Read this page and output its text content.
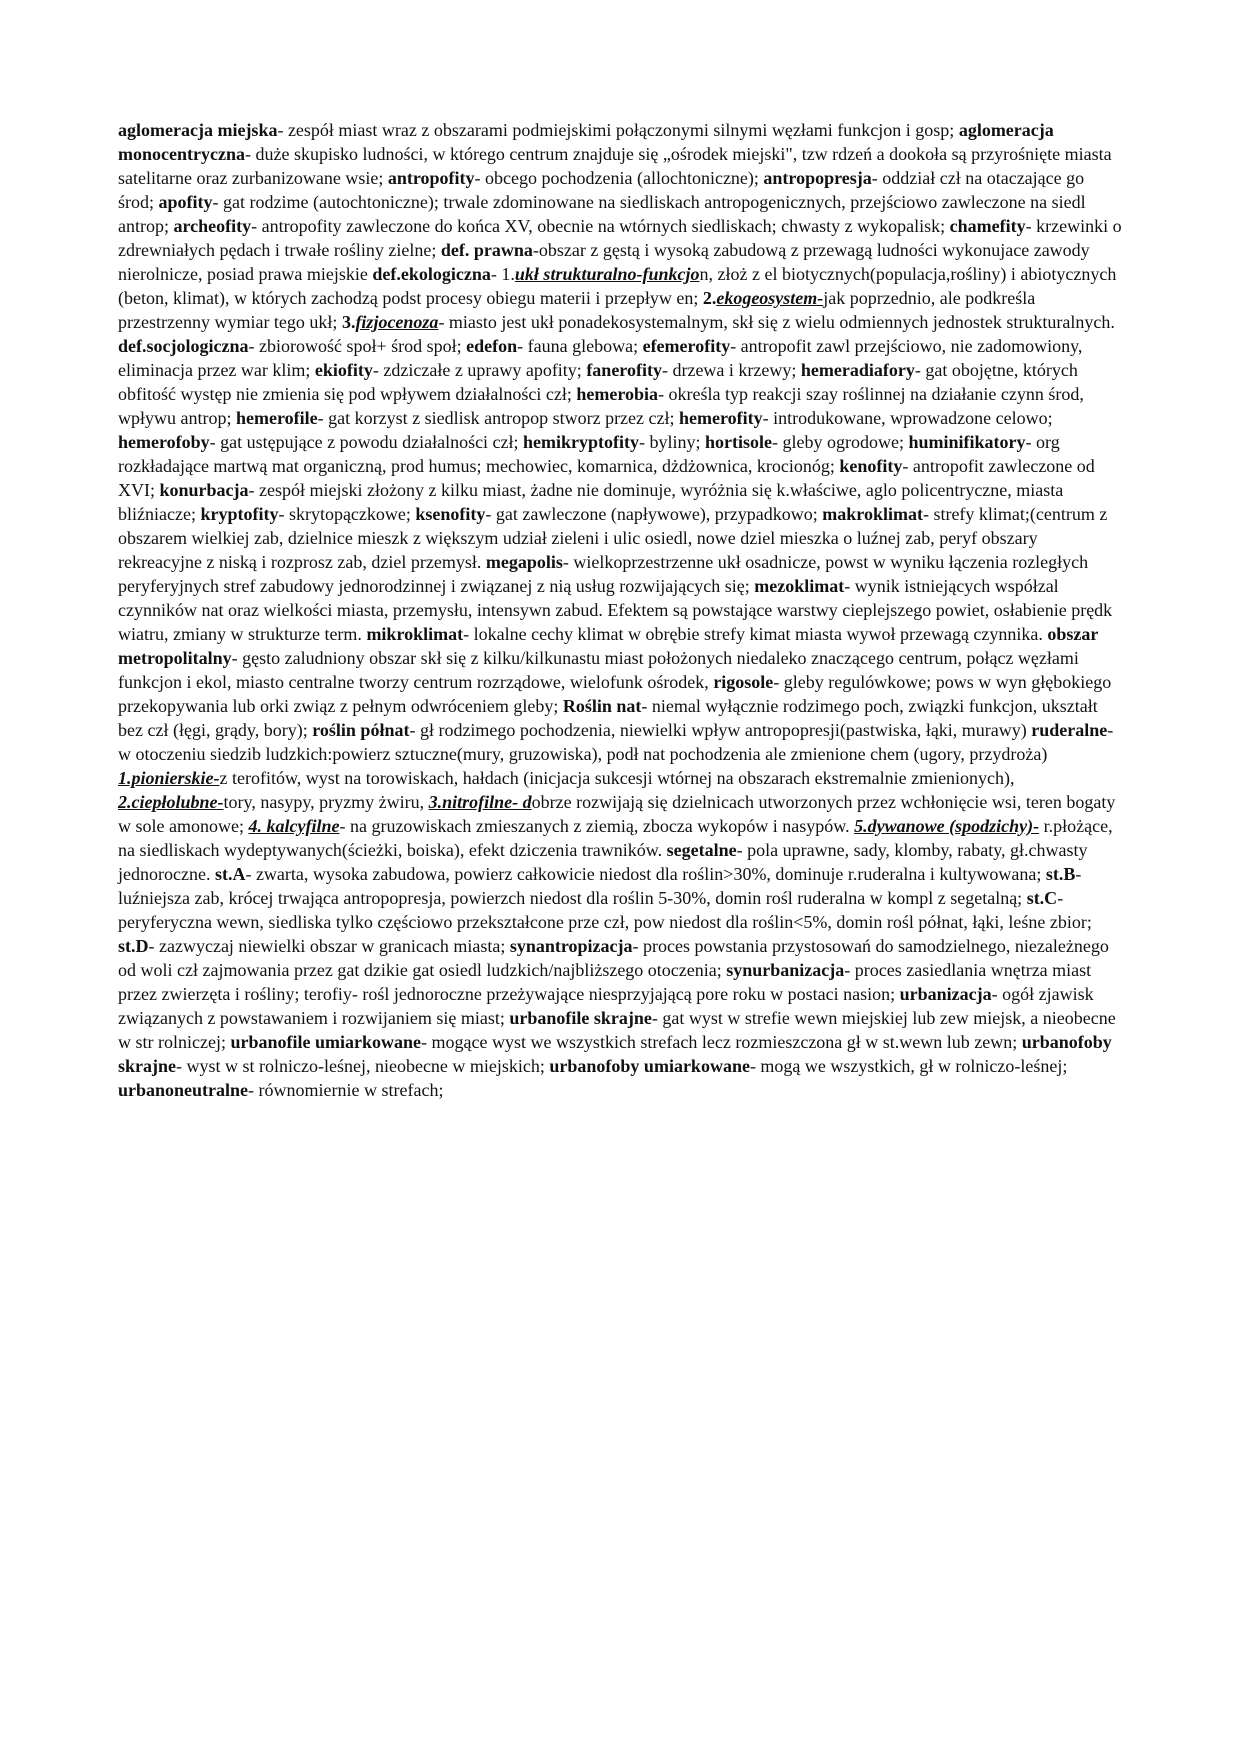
aglomeracja miejska- zespół miast wraz z obszarami podmiejskimi połączonymi silnymi węzłami funkcjon i gosp; aglomeracja monocentryczna- duże skupisko ludności, w którego centrum znajduje się „ośrodek miejski", tzw rdzeń a dookoła są przyrośnięte miasta satelitarne oraz zurbanizowane wsie; antropofity- obcego pochodzenia (allochtoniczne); antropopresja- oddział czł na otaczające go środ; apofity- gat rodzime (autochtoniczne); trwale zdominowane na siedliskach antropogenicznych, przejściowo zawleczone na siedl antrop; archeofity- antropofity zawleczone do końca XV, obecnie na wtórnych siedliskach; chwasty z wykopalisk; chamefity- krzewinki o zdrewniałych pędach i trwałe rośliny zielne; def. prawna-obszar z gęstą i wysoką zabudową z przewagą ludności wykonujace zawody nierolnicze, posiad prawa miejskie def.ekologiczna- 1.ukł strukturalno-funkcjon, złoż z el biotycznych(populacja,rośliny) i abiotycznych (beton, klimat), w których zachodzą podst procesy obiegu materii i przepływ en; 2.ekogeosystem-jak poprzednio, ale podkreśla przestrzenny wymiar tego ukł; 3.fizjocenoza- miasto jest ukł ponadekosystemalnym, skł się z wielu odmiennych jednostek strukturalnych. def.socjologiczna- zbiorowość społ+ środ społ; edefon- fauna glebowa; efemerofity- antropofit zawl przejściowo, nie zadomowiony, eliminacja przez war klim; ekiofity- zdziczałe z uprawy apofity; fanerofity- drzewa i krzewy; hemeradiafory- gat obojętne, których obfitość występ nie zmienia się pod wpływem działalności czł; hemerobia- określa typ reakcji szay roślinnej na działanie czynn środ, wpływu antrop; hemerofile- gat korzyst z siedlisk antropop stworz przez czł; hemerofity- introdukowane, wprowadzone celowo; hemerofoby- gat ustępujące z powodu działalności czł; hemikryptofity- byliny; hortisole- gleby ogrodowe; huminifikatory- org rozkładające martwą mat organiczną, prod humus; mechowiec, komarnica, dżdżownica, krocionóg; kenofity- antropofit zawleczone od XVI; konurbacja- zespół miejski złożony z kilku miast, żadne nie dominuje, wyróżnia się k.właściwe, aglo policentryczne, miasta bliźniacze; kryptofity- skrytopączkowe; ksenofity- gat zawleczone (napływowe), przypadkowo; makroklimat- strefy klimat;(centrum z obszarem wielkiej zab, dzielnice mieszk z większym udział zieleni i ulic osiedl, nowe dziel mieszka o luźnej zab, peryf obszary rekreacyjne z niską i rozprosz zab, dziel przemysł. megapolis- wielkoprzestrzenne ukł osadnicze, powst w wyniku łączenia rozległych peryferyjnych stref zabudowy jednorodzinnej i związanej z nią usług rozwijających się; mezoklimat- wynik istniejących współzal czynników nat oraz wielkości miasta, przemysłu, intensywn zabud. Efektem są powstające warstwy cieplejszego powiet, osłabienie prędk wiatru, zmiany w strukturze term. mikroklimat- lokalne cechy klimat w obrębie strefy kimat miasta wywoł przewagą czynnika. obszar metropolitalny- gęsto zaludniony obszar skł się z kilku/kilkunastu miast położonych niedaleko znaczącego centrum, połącz węzłami funkcjon i ekol, miasto centralne tworzy centrum rozrządowe, wielofunk ośrodek, rigosole- gleby regulówkowe; pows w wyn głębokiego przekopywania lub orki związ z pełnym odwróceniem gleby; Roślin nat- niemal wyłącznie rodzimego poch, związki funkcjon, ukształt bez czł (łęgi, grądy, bory); roślin półnat- gł rodzimego pochodzenia, niewielki wpływ antropopresji(pastwiska, łąki, murawy) ruderalne- w otoczeniu siedzib ludzkich:powierz sztuczne(mury, gruzowiska), podł nat pochodzenia ale zmienione chem (ugory, przydroża) 1.pionierskie-z terofitów, wyst na torowiskach, hałdach (inicjacja sukcesji wtórnej na obszarach ekstremalnie zmienionych), 2.ciepłolubne-tory, nasypy, pryzmy żwiru, 3.nitrofilne- dobrze rozwijają się dzielnicach utworzonych przez wchłonięcie wsi, teren bogaty w sole amonowe; 4. kalcyfilne- na gruzowiskach zmieszanych z ziemią, zbocza wykopów i nasypów. 5.dywanowe (spodzichy)- r.płożące, na siedliskach wydeptywanych(ścieżki, boiska), efekt dziczenia trawników. segetalne- pola uprawne, sady, klomby, rabaty, gł.chwasty jednoroczne. st.A- zwarta, wysoka zabudowa, powierz całkowicie niedost dla roślin>30%, dominuje r.ruderalna i kultywowana; st.B- luźniejsza zab, krócej trwająca antropopresja, powierzch niedost dla roślin 5-30%, domin rośl ruderalna w kompl z segetalną; st.C- peryferyczna wewn, siedliska tylko częściowo przekształcone prze czł, pow niedost dla roślin<5%, domin rośl półnat, łąki, leśne zbior; st.D- zazwyczaj niewielki obszar w granicach miasta; synantropizacja- proces powstania przystosowań do samodzielnego, niezależnego od woli czł zajmowania przez gat dzikie gat osiedl ludzkich/najbliższego otoczenia; synurbanizacja- proces zasiedlania wnętrza miast przez zwierzęta i rośliny; terofiy- rośl jednoroczne przeżywające niesprzyjającą pore roku w postaci nasion; urbanizacja- ogół zjawisk związanych z powstawaniem i rozwijaniem się miast; urbanofile skrajne- gat wyst w strefie wewn miejskiej lub zew miejsk, a nieobecne w str rolniczej; urbanofile umiarkowane- mogące wyst we wszystkich strefach lecz rozmieszczona gł w st.wewn lub zewn; urbanofoby skrajne- wyst w st rolniczo-leśnej, nieobecne w miejskich; urbanofoby umiarkowane- mogą we wszystkich, gł w rolniczo-leśnej; urbanoneutralne- równomiernie w strefach;
